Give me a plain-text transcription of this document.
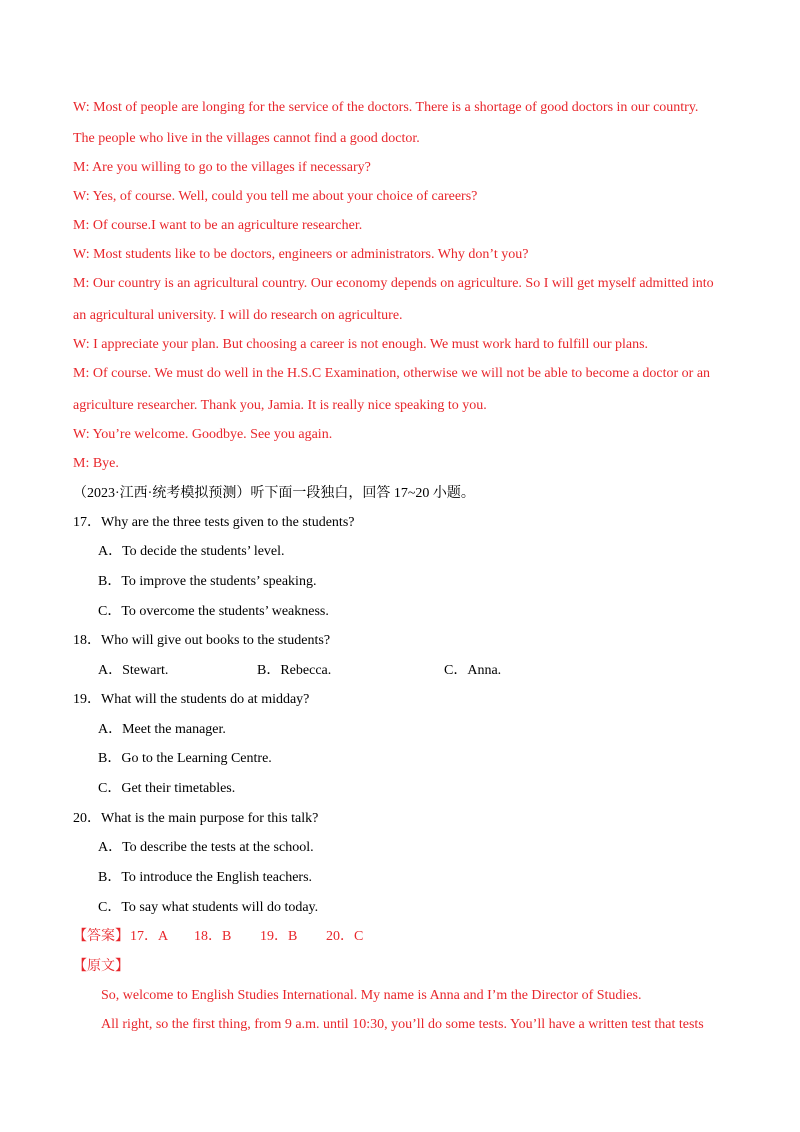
W: Most of people are longing for the service of the doctors. There is a shortage of good doctors in our country.
The people who live in the villages cannot find a good doctor.
M: Are you willing to go to the villages if necessary?
W: Yes, of course. Well, could you tell me about your choice of careers?
M: Of course.I want to be an agriculture researcher.
W: Most students like to be doctors, engineers or administrators. Why don’t you?
M: Our country is an agricultural country. Our economy depends on agriculture. So I will get myself admitted into
an agricultural university. I will do research on agriculture.
W: I appreciate your plan. But choosing a career is not enough. We must work hard to fulfill our plans.
M: Of course. We must do well in the H.S.C Examination, otherwise we will not be able to become a doctor or an
agriculture researcher. Thank you, Jamia. It is really nice speaking to you.
W: You’re welcome. Goodbye. See you again.
M: Bye.
（2023·江西·统考模拟预测）听下面一段独白，回答 17~20 小题。
17．Why are the three tests given to the students?
A．To decide the students’ level.
B．To improve the students’ speaking.
C．To overcome the students’ weakness.
18．Who will give out books to the students?
A．Stewart.	B．Rebecca.	C．Anna.
19．What will the students do at midday?
A．Meet the manager.
B．Go to the Learning Centre.
C．Get their timetables.
20．What is the main purpose for this talk?
A．To describe the tests at the school.
B．To introduce the English teachers.
C．To say what students will do today.
【答案】 17．A 18．B 19．B 20．C
【原文】
So, welcome to English Studies International. My name is Anna and I’m the Director of Studies.
All right, so the first thing, from 9 a.m. until 10:30, you’ll do some tests. You’ll have a written test that tests
